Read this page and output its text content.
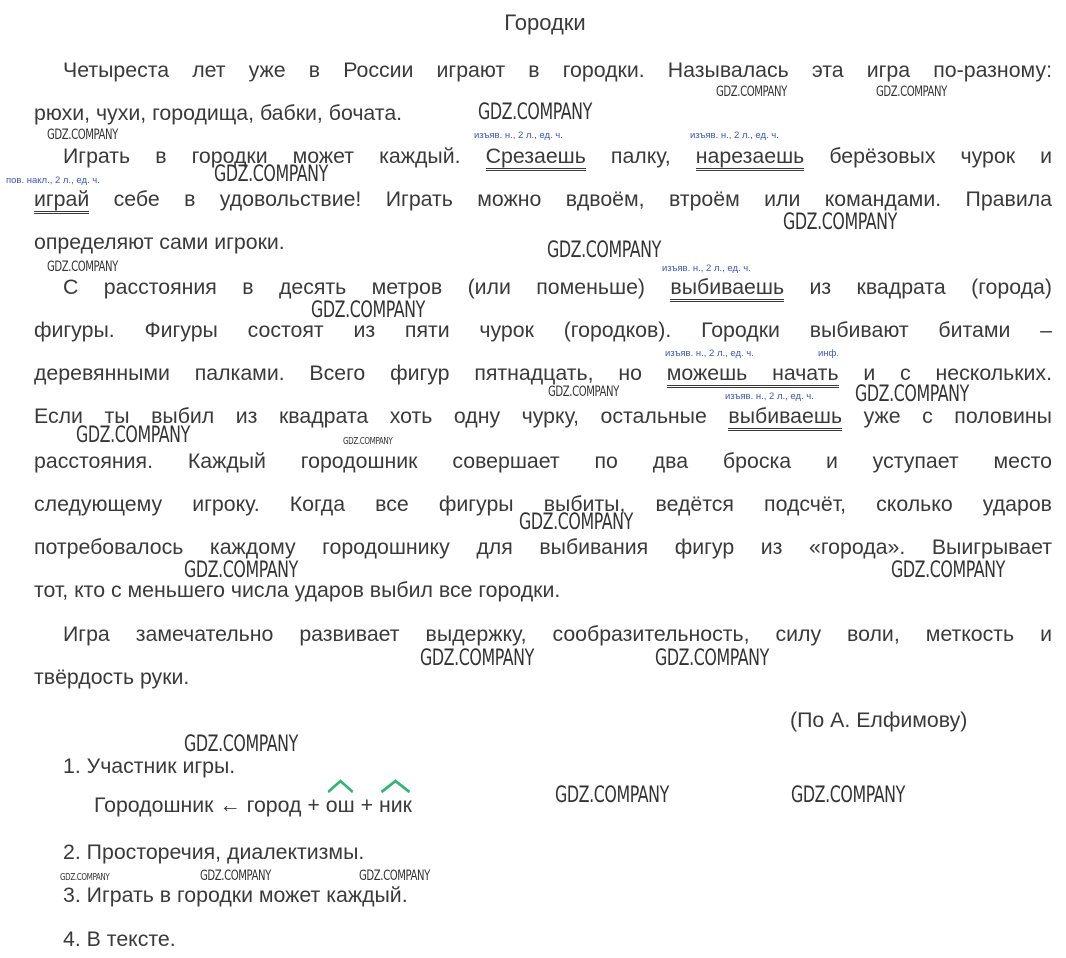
Городки
Четыреста лет уже в России играют в городки. Называлась эта игра по-разному:
рюхи, чухи, городища, бабки, бочата.
Играть в городки может каждый. Срезаешь палку, нарезаешь берёзовых чурок и
играй себе в удовольствие! Играть можно вдвоём, втроём или командами. Правила
определяют сами игроки.
С расстояния в десять метров (или поменьше) выбиваешь из квадрата (города)
фигуры. Фигуры состоят из пяти чурок (городков). Городки выбивают битами –
деревянными палками. Всего фигур пятнадцать, но можешь начать и с нескольких.
Если ты выбил из квадрата хоть одну чурку, остальные выбиваешь уже с половины
расстояния. Каждый городошник совершает по два броска и уступает место
следующему игроку. Когда все фигуры выбиты, ведётся подсчёт, сколько ударов
потребовалось каждому городошнику для выбивания фигур из «города». Выигрывает
тот, кто с меньшего числа ударов выбил все городки.
Игра замечательно развивает выдержку, сообразительность, силу воли, меткость и
твёрдость руки.
изъяв. н., 2 л., ед. ч.	изъяв. н., 2 л., ед. ч.
пов. накл., 2 л., ед. ч.
изъяв. н., 2 л., ед. ч.
изъяв. н., 2 л., ед. ч.	инф.
изъяв. н., 2 л., ед. ч.
(По А. Елфимову)
1. Участник игры.
Городошник ← город + ош + ник
2. Просторечия, диалектизмы.
3. Играть в городки может каждый.
4. В тексте.
GDZ.COMPANY
GDZ.COMPANY	GDZ.COMPANY
GDZ.COMPANY
GDZ.COMPANY
GDZ.COMPANY
GDZ.COMPANY
GDZ.COMPANY
GDZ.COMPANY
GDZ.COMPANY	GDZ.COMPANY
GDZ.COMPANY	GDZ.COMPANY
GDZ.COMPANY
GDZ.COMPANY	GDZ.COMPANY
GDZ.COMPANY	GDZ.COMPANY
GDZ.COMPANY
GDZ.COMPANY	GDZ.COMPANY
GDZ.COMPANY	GDZ.COMPANY	GDZ.COMPANY
